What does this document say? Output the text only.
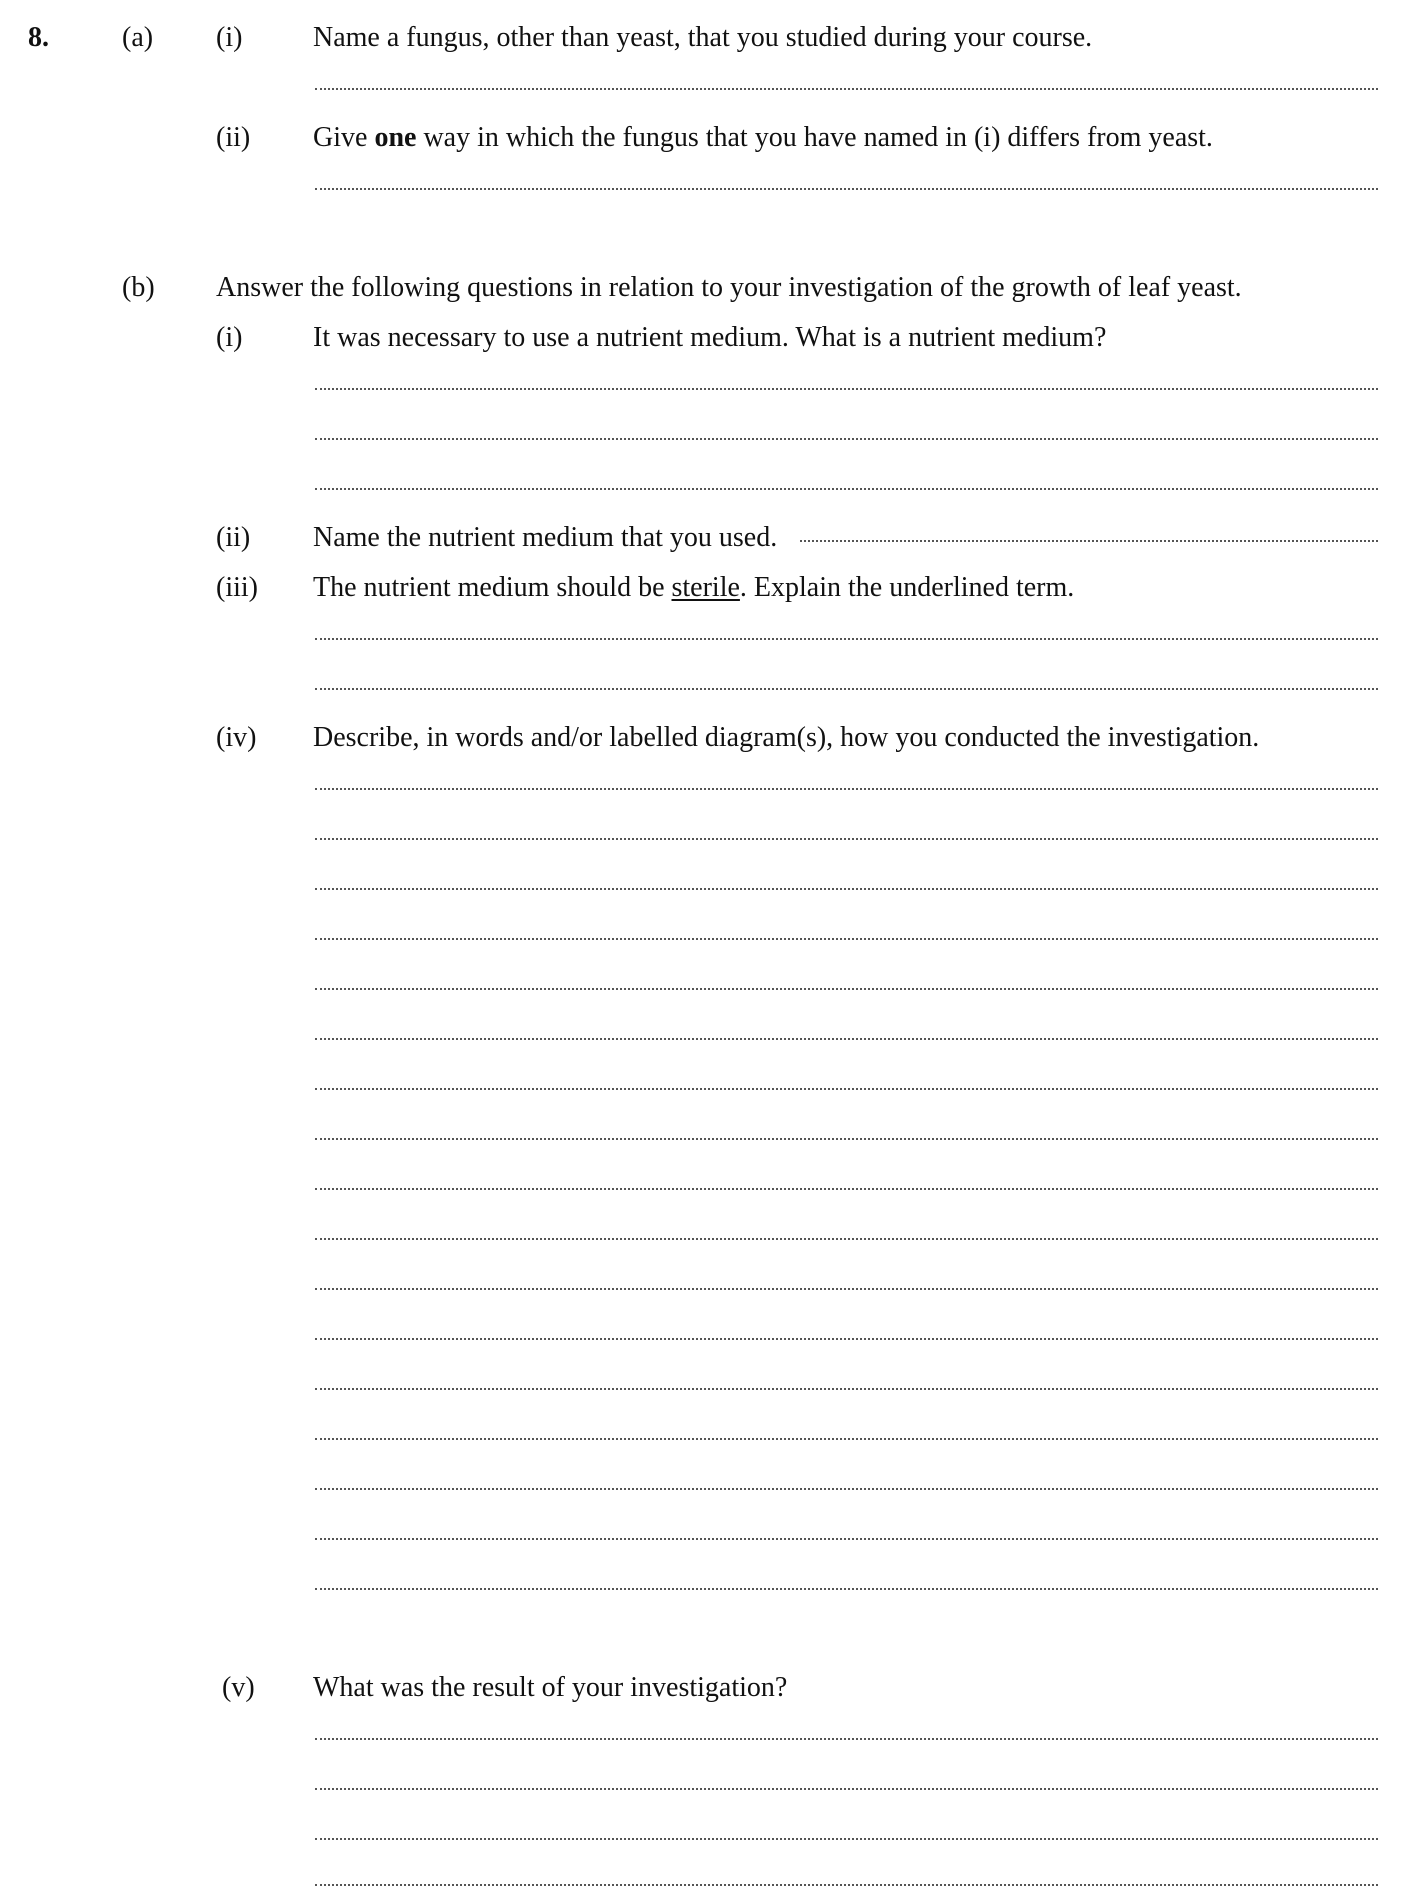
8.	(a) (i)	Name a fungus, other than yeast, that you studied during your course.
(ii) Give one way in which the fungus that you have named in (i) differs from yeast.
(b) Answer the following questions in relation to your investigation of the growth of leaf yeast.
(i)	It was necessary to use a nutrient medium. What is a nutrient medium?
(ii) Name the nutrient medium that you used.
(iii) The nutrient medium should be sterile. Explain the underlined term.
(iv) Describe, in words and/or labelled diagram(s), how you conducted the investigation.
(v) What was the result of your investigation?
